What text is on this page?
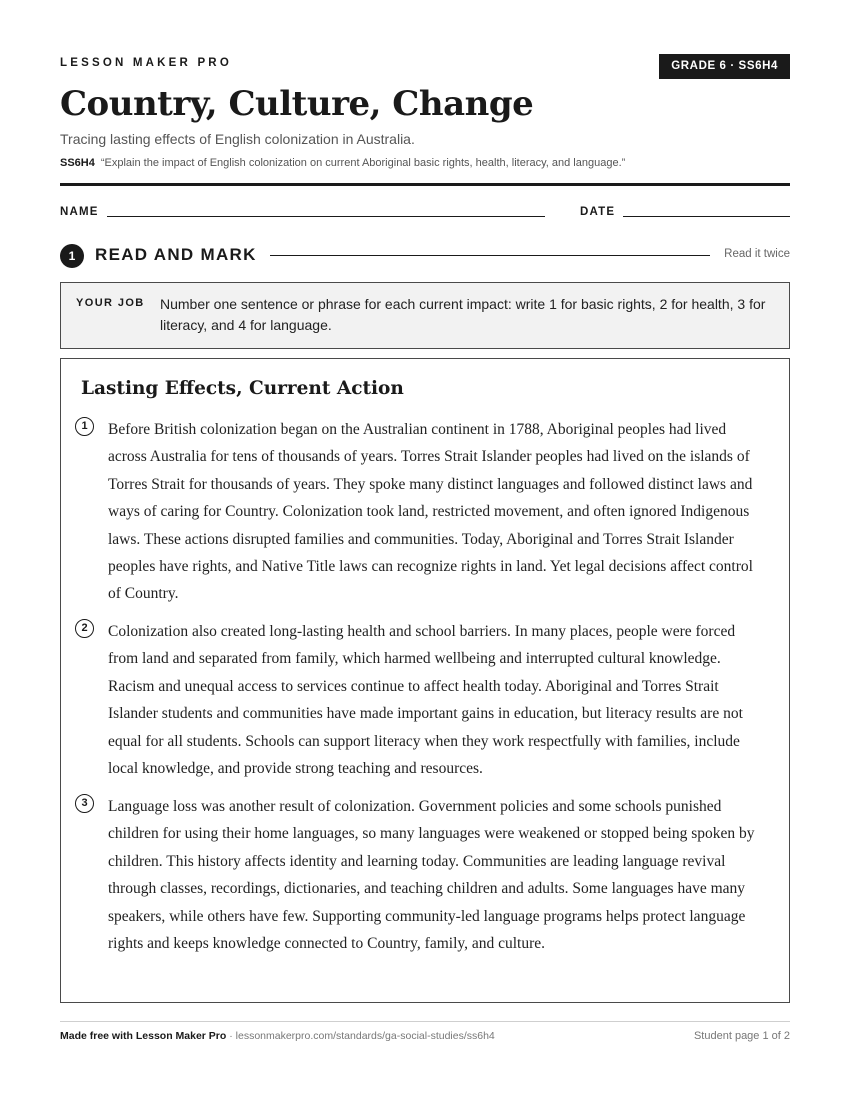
LESSON MAKER PRO	GRADE 6 · SS6H4
Country, Culture, Change
Tracing lasting effects of English colonization in Australia.
SS6H4 “Explain the impact of English colonization on current Aboriginal basic rights, health, literacy, and language.”
NAME	DATE
1	READ AND MARK	Read it twice
YOUR JOB Number one sentence or phrase for each current impact: write 1 for basic rights, 2 for health, 3 for literacy, and 4 for language.
Lasting Effects, Current Action
1	Before British colonization began on the Australian continent in 1788, Aboriginal peoples had lived across Australia for tens of thousands of years. Torres Strait Islander peoples had lived on the islands of Torres Strait for thousands of years. They spoke many distinct languages and followed distinct laws and ways of caring for Country. Colonization took land, restricted movement, and often ignored Indigenous laws. These actions disrupted families and communities. Today, Aboriginal and Torres Strait Islander peoples have rights, and Native Title laws can recognize rights in land. Yet legal decisions affect control of Country.
2	Colonization also created long-lasting health and school barriers. In many places, people were forced from land and separated from family, which harmed wellbeing and interrupted cultural knowledge. Racism and unequal access to services continue to affect health today. Aboriginal and Torres Strait Islander students and communities have made important gains in education, but literacy results are not equal for all students. Schools can support literacy when they work respectfully with families, include local knowledge, and provide strong teaching and resources.
3	Language loss was another result of colonization. Government policies and some schools punished children for using their home languages, so many languages were weakened or stopped being spoken by children. This history affects identity and learning today. Communities are leading language revival through classes, recordings, dictionaries, and teaching children and adults. Some languages have many speakers, while others have few. Supporting community-led language programs helps protect language rights and keeps knowledge connected to Country, family, and culture.
Made free with Lesson Maker Pro · lessonmakerpro.com/standards/ga-social-studies/ss6h4	Student page 1 of 2
